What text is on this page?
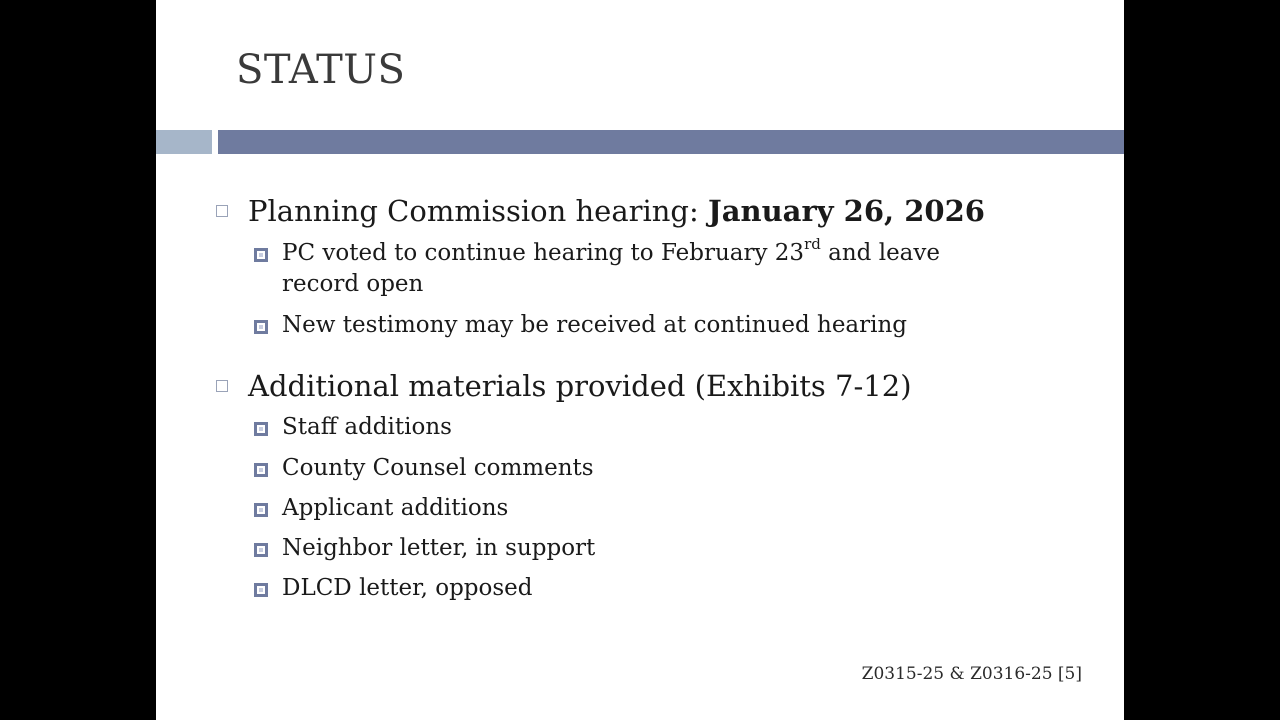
STATUS
Planning Commission hearing: January 26, 2026
PC voted to continue hearing to February 23rd and leave
record open
New testimony may be received at continued hearing
Additional materials provided (Exhibits 7-12)
Staff additions
County Counsel comments
Applicant additions
Neighbor letter, in support
DLCD letter, opposed
Z0315-25 & Z0316-25 [5]
